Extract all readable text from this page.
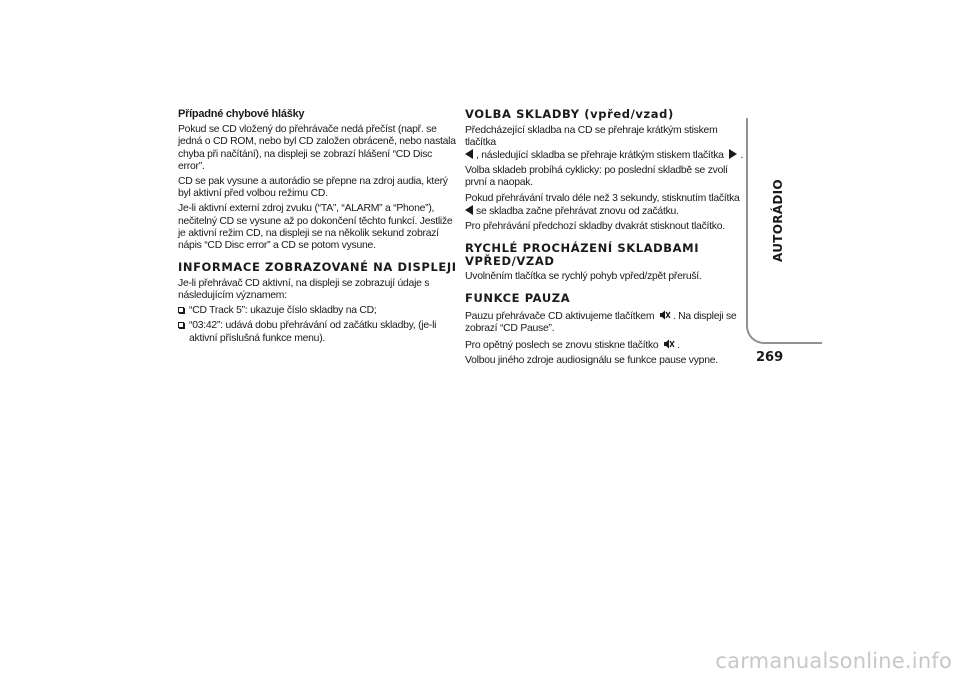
Případné chybové hlášky

Pokud se CD vložený do přehrávače nedá přečíst (např. se jedná o CD ROM, nebo byl CD založen obráceně, nebo nastala chyba při načítání), na displeji se zobrazí hlášení “CD Disc error”.

CD se pak vysune a autorádio se přepne na zdroj audia, který byl aktivní před volbou režimu CD.

Je-li aktivní externí zdroj zvuku (“TA”, “ALARM” a “Phone”), nečitelný CD se vysune až po dokončení těchto funkcí. Jestliže je aktivní režim CD, na displeji se na několik sekund zobrazí nápis “CD Disc error” a CD se potom vysune.

INFORMACE ZOBRAZOVANÉ NA DISPLEJI

Je-li přehrávač CD aktivní, na displeji se zobrazují údaje s následujícím významem:

“CD Track 5”: ukazuje číslo skladby na CD;
“03:42”: udává dobu přehrávání od začátku skladby, (je-li aktivní příslušná funkce menu).
VOLBA SKLADBY (vpřed/vzad)

Předcházející skladba na CD se přehraje krátkým stiskem tlačítka
, následující skladba se přehraje krátkým stiskem tlačítka .

Volba skladeb probíhá cyklicky: po poslední skladbě se zvolí první a naopak.

Pokud přehrávání trvalo déle než 3 sekundy, stisknutím tlačítka
se skladba začne přehrávat znovu od začátku.

Pro přehrávání předchozí skladby dvakrát stisknout tlačítko.

RYCHLÉ PROCHÁZENÍ SKLADBAMI VPŘED/VZAD

Uvolněním tlačítka se rychlý pohyb vpřed/zpět přeruší.

FUNKCE PAUZA

Pauzu přehrávače CD aktivujeme tlačítkem . Na displeji se zobrazí “CD Pause”.

Pro opětný poslech se znovu stiskne tlačítko .

Volbou jiného zdroje audiosignálu se funkce pause vypne.

AUTORÁDIO
269
carmanualsonline.info
